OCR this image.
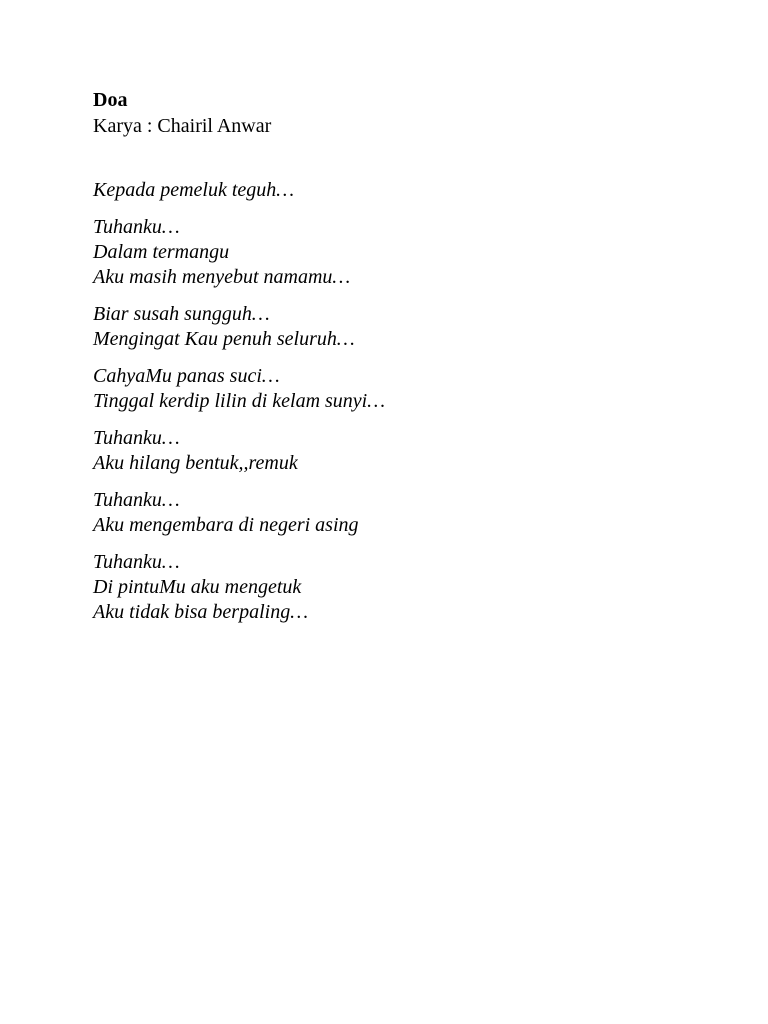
Doa
Karya : Chairil Anwar
Kepada pemeluk teguh…
Tuhanku…
Dalam termangu
Aku masih menyebut namamu…
Biar susah sungguh…
Mengingat Kau penuh seluruh…
CahyaMu panas suci…
Tinggal kerdip lilin di kelam sunyi…
Tuhanku…
Aku hilang bentuk,,remuk
Tuhanku…
Aku mengembara di negeri asing
Tuhanku…
Di pintuMu aku mengetuk
Aku tidak bisa berpaling…
